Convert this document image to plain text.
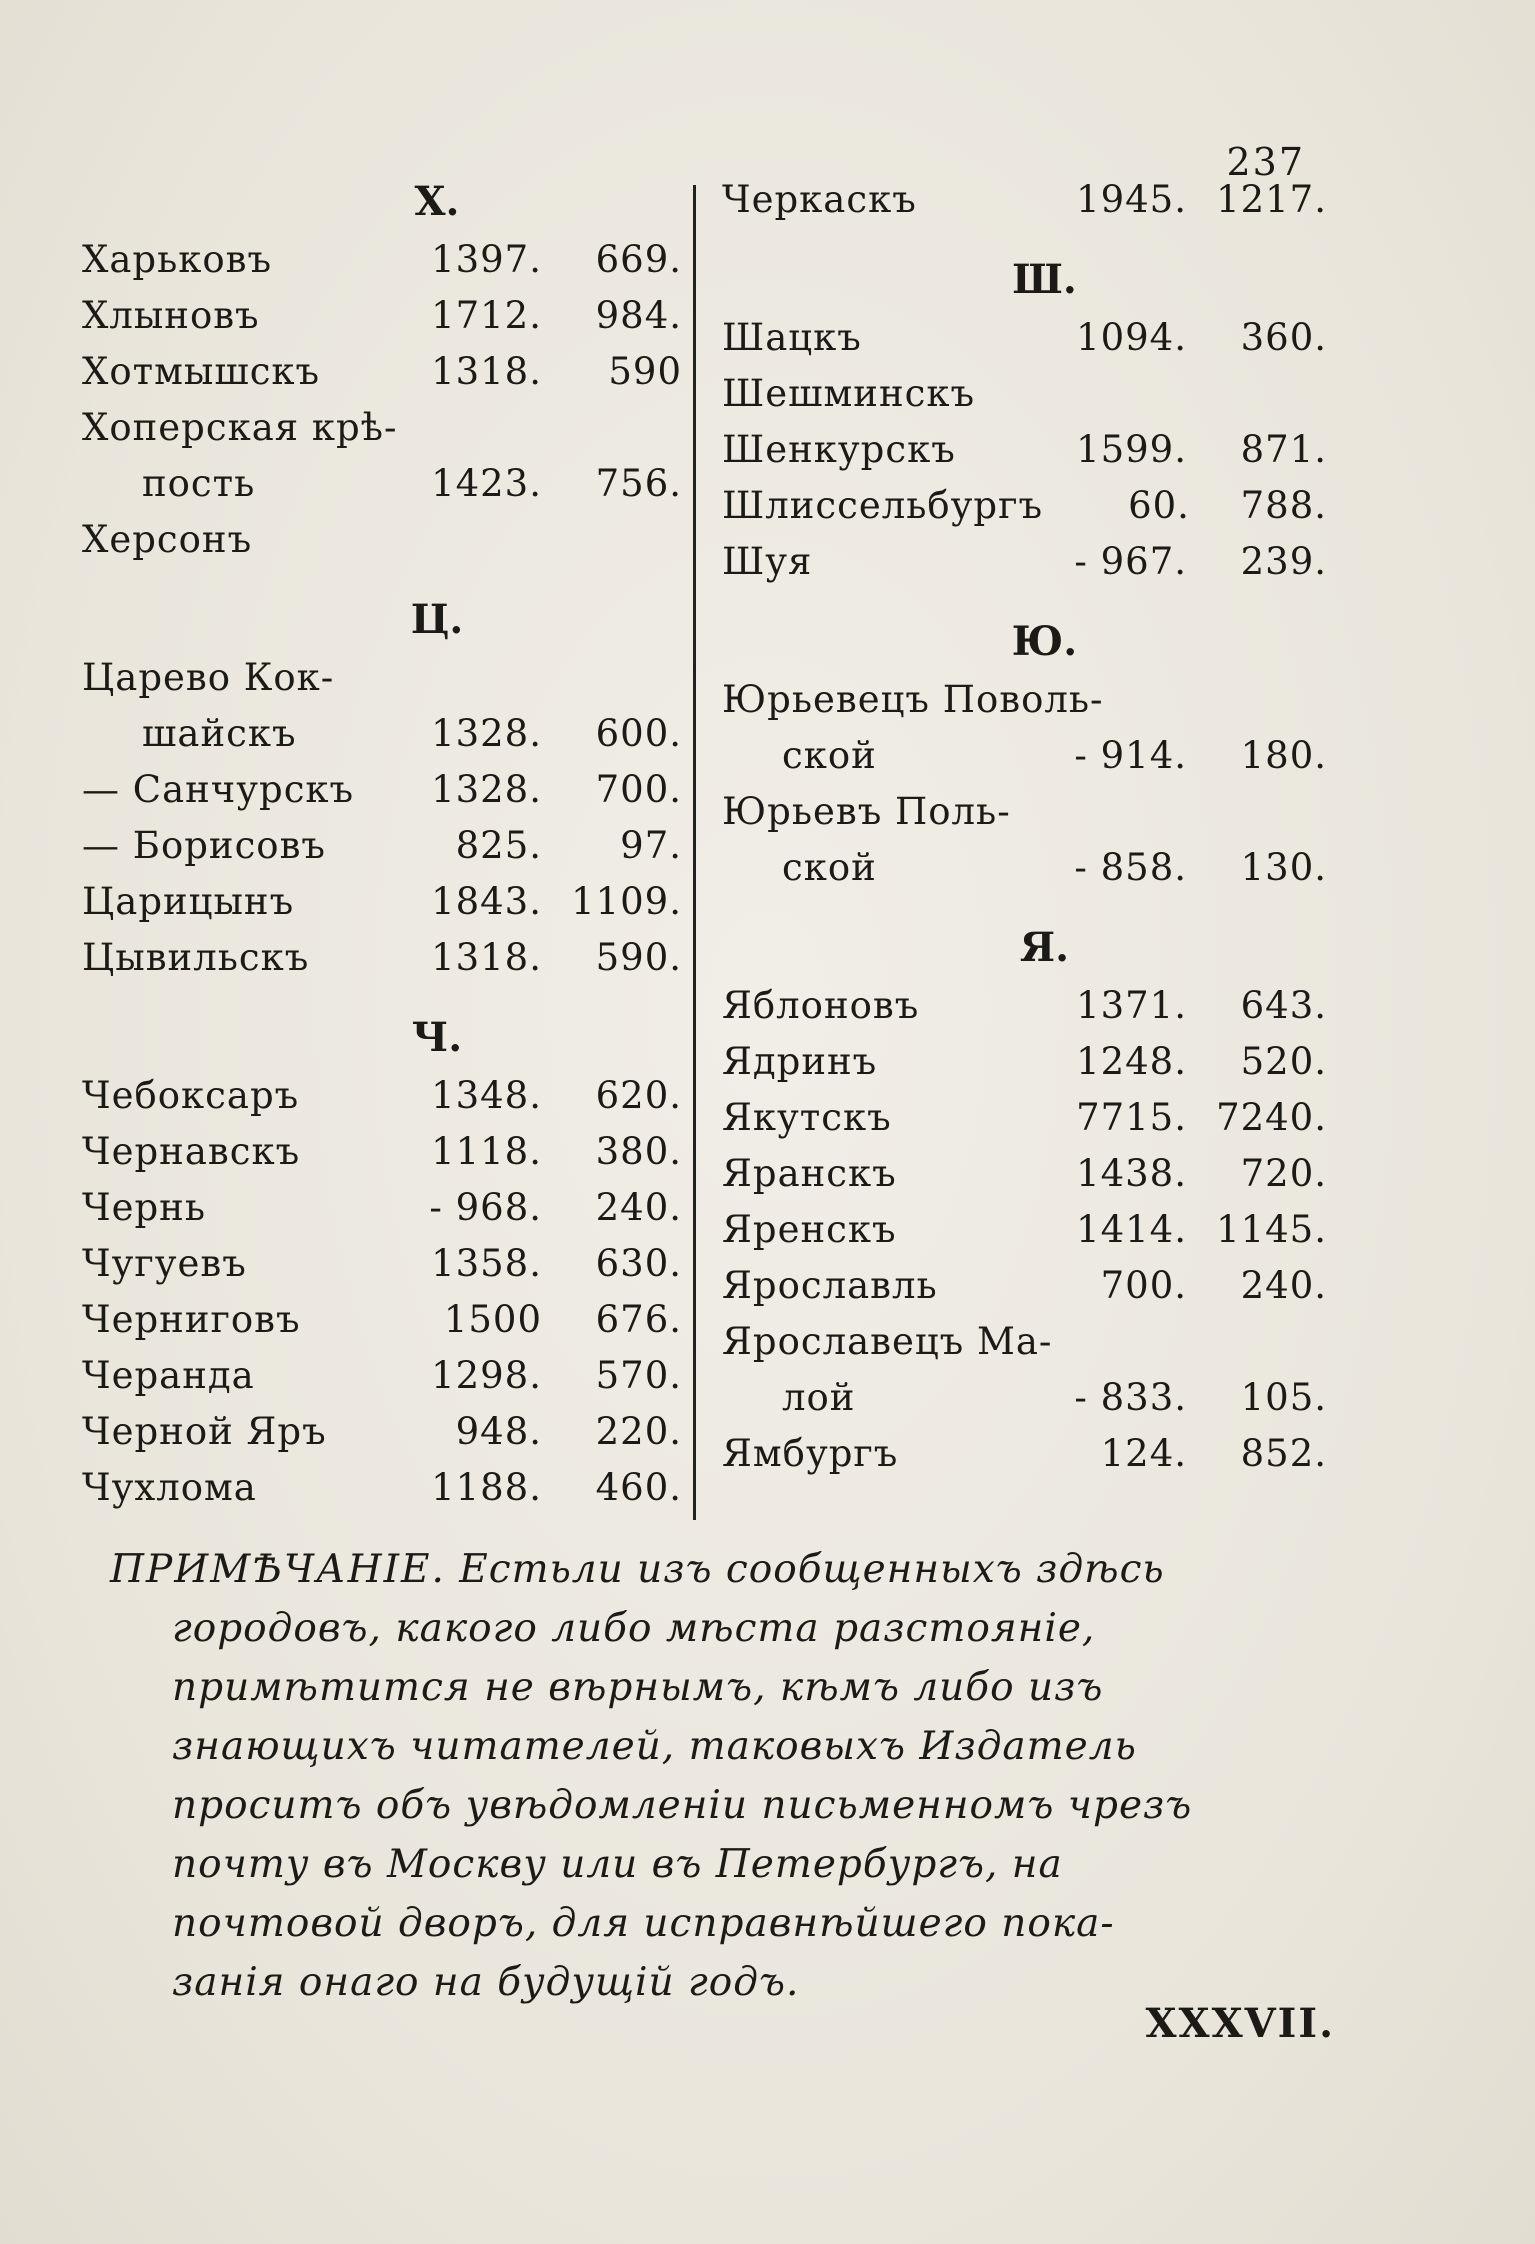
237
Х.
Харьковъ	1397.	669.
Хлыновъ	1712.	984.
Хотмышскъ	1318.	590
Хоперская крѣ-
пость	1423.	756.
Херсонъ
Ц.
Царево Кок-
шайскъ	1328.	600.
— Санчурскъ	1328.	700.
— Борисовъ	825.	97.
Царицынъ	1843. 1109.
Цывильскъ	1318.	590.
Ч.
Чебоксаръ	1348.	620.
Чернавскъ	1118.	380.
Чернь	- 968.	240.
Чугуевъ	1358.	630.
Черниговъ	1500	676.
Черанда	1298.	570.
Черной Яръ	948.	220.
Чухлома	1188.	460.
Черкаскъ	1945. 1217.
Ш.
Шацкъ	1094.	360.
Шешминскъ
Шенкурскъ	1599.	871.
Шлиссельбургъ	60.	788.
Шуя	- 967.	239.
Ю.
Юрьевецъ Поволь-
ской	- 914.	180.
Юрьевъ Поль-
ской	- 858.	130.
Я.
Яблоновъ	1371.	643.
Ядринъ	1248.	520.
Якутскъ	7715. 7240.
Яранскъ	1438.	720.
Яренскъ	1414. 1145.
Ярославль	700.	240.
Ярославецъ Ма-
лой	- 833.	105.
Ямбургъ	124.	852.
ПРИМѢЧАНІЕ. Естьли изъ сообщенныхъ здѣсь
городовъ, какого либо мѣста разстояніе,
примѣтится не вѣрнымъ, кѣмъ либо изъ
знающихъ читателей, таковыхъ Издатель
проситъ объ увѣдомленіи письменномъ чрезъ
почту въ Москву или въ Петербургъ, на
почтовой дворъ, для исправнѣйшего пока-
занія онаго на будущій годъ.
XXXVII.
